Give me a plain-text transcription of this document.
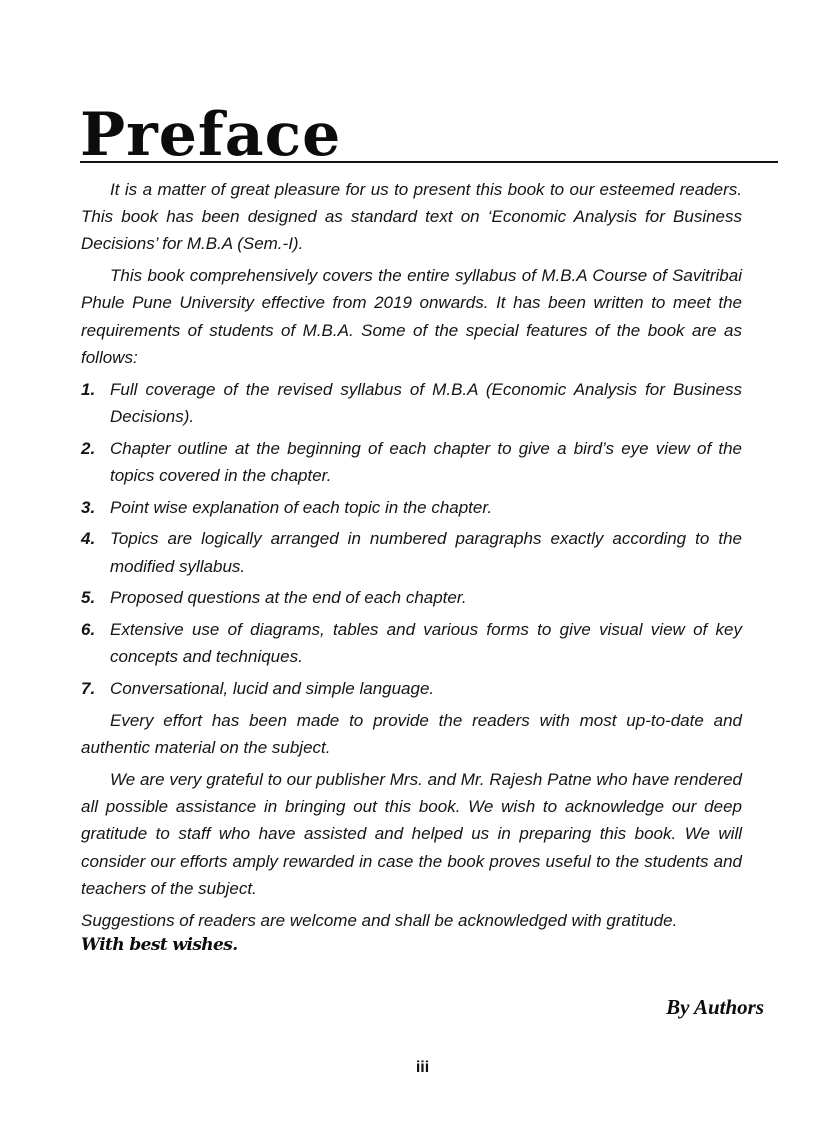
Preface

It is a matter of great pleasure for us to present this book to our esteemed readers. This book has been designed as standard text on ‘Economic Analysis for Business Decisions’ for M.B.A (Sem.-I).

This book comprehensively covers the entire syllabus of M.B.A Course of Savitribai Phule Pune University effective from 2019 onwards. It has been written to meet the requirements of students of M.B.A. Some of the special features of the book are as follows:

1. Full coverage of the revised syllabus of M.B.A (Economic Analysis for Business Decisions).
2. Chapter outline at the beginning of each chapter to give a bird’s eye view of the topics covered in the chapter.
3. Point wise explanation of each topic in the chapter.
4. Topics are logically arranged in numbered paragraphs exactly according to the modified syllabus.
5. Proposed questions at the end of each chapter.
6. Extensive use of diagrams, tables and various forms to give visual view of key concepts and techniques.
7. Conversational, lucid and simple language.

Every effort has been made to provide the readers with most up-to-date and authentic material on the subject.

We are very grateful to our publisher Mrs. and Mr. Rajesh Patne who have rendered all possible assistance in bringing out this book. We wish to acknowledge our deep gratitude to staff who have assisted and helped us in preparing this book. We will consider our efforts amply rewarded in case the book proves useful to the students and teachers of the subject.

Suggestions of readers are welcome and shall be acknowledged with gratitude.

With best wishes.
By Authors
iii
